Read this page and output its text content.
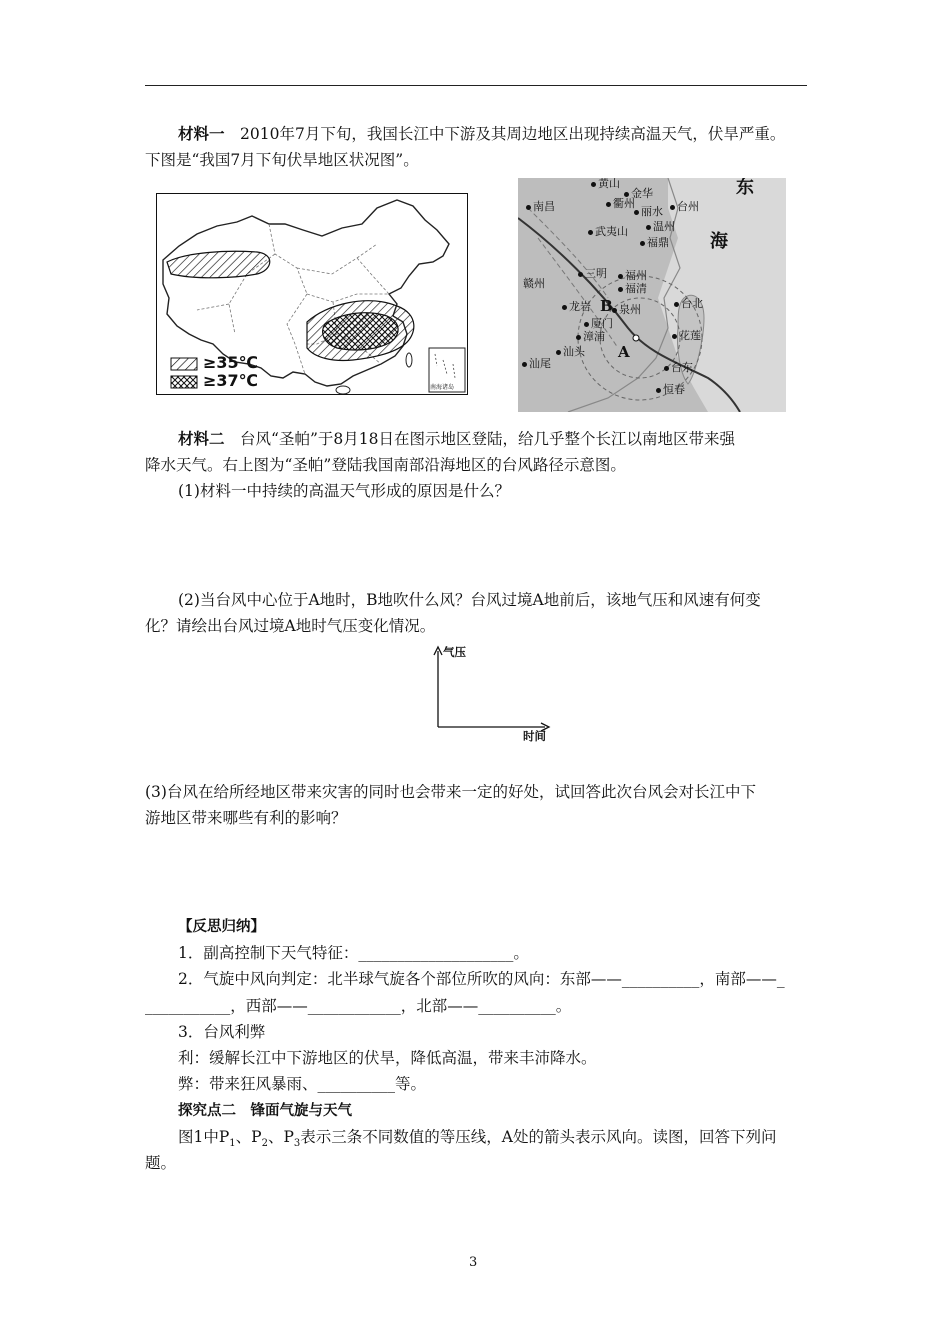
材料一　2010年7月下旬，我国长江中下游及其周边地区出现持续高温天气，伏旱严重。
下图是“我国7月下旬伏旱地区状况图”。
≥35℃
≥37℃	南海诸岛
黄山
金华
南昌	衢州
丽水	台州
温州
武夷山
福鼎
三明	福州
赣州	福清
龙岩	泉州	台北
厦门
漳浦	花莲
汕头
汕尾	台东
恒春
B
A
东
海
材料二　台风“圣帕”于8月18日在图示地区登陆，给几乎整个长江以南地区带来强
降水天气。右上图为“圣帕”登陆我国南部沿海地区的台风路径示意图。
(1)材料一中持续的高温天气形成的原因是什么？
(2)当台风中心位于A地时，B地吹什么风？台风过境A地前后，该地气压和风速有何变
化？请绘出台风过境A地时气压变化情况。
气压
时间
(3)台风在给所经地区带来灾害的同时也会带来一定的好处，试回答此次台风会对长江中下
游地区带来哪些有利的影响？
【反思归纳】
1．副高控制下天气特征：____________________。
2．气旋中风向判定：北半球气旋各个部位所吹的风向：东部——__________，南部——_
___________，西部——____________，北部——__________。
3．台风利弊
利：缓解长江中下游地区的伏旱，降低高温，带来丰沛降水。
弊：带来狂风暴雨、__________等。
探究点二　锋面气旋与天气
图1中$P_1$、$P_2$、$P_3$表示三条不同数值的等压线，A处的箭头表示风向。读图，回答下列问
题。
3
